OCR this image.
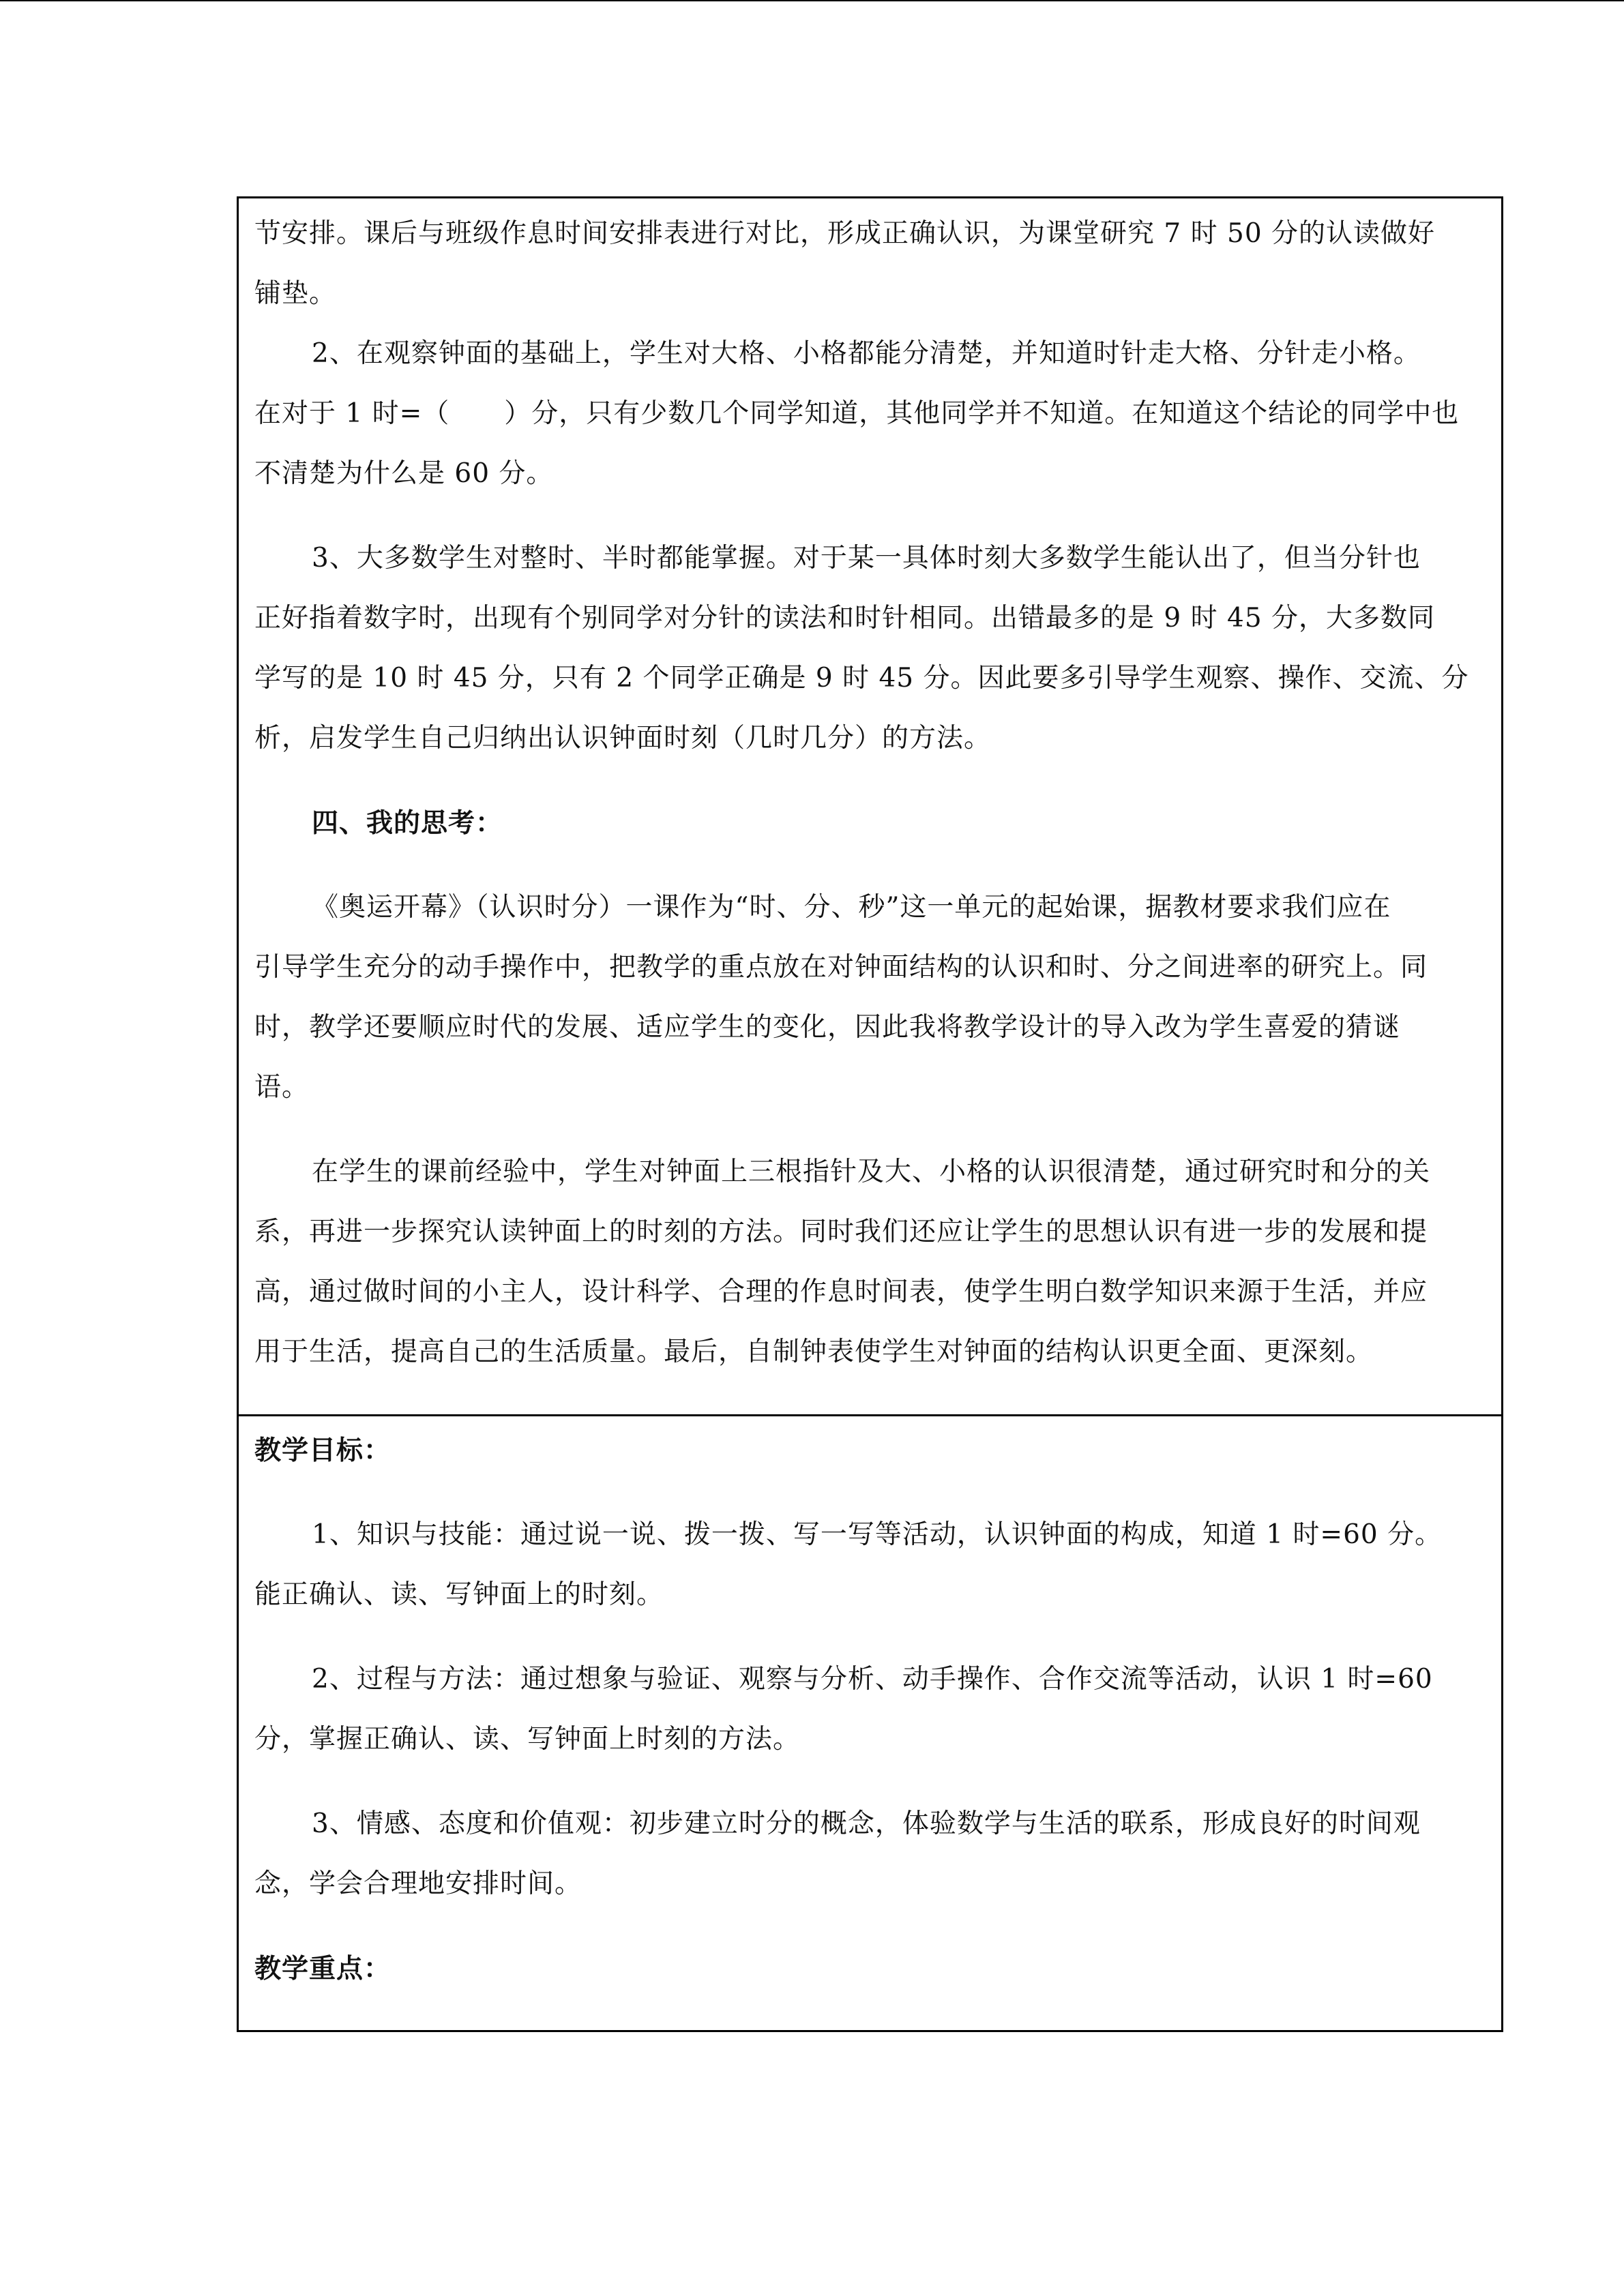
节安排。课后与班级作息时间安排表进行对比，形成正确认识，为课堂研究 7 时 50 分的认读做好

铺垫。

2、在观察钟面的基础上，学生对大格、小格都能分清楚，并知道时针走大格、分针走小格。

在对于 1 时=（　　）分，只有少数几个同学知道，其他同学并不知道。在知道这个结论的同学中也

不清楚为什么是 60 分。

3、大多数学生对整时、半时都能掌握。对于某一具体时刻大多数学生能认出了，但当分针也

正好指着数字时，出现有个别同学对分针的读法和时针相同。出错最多的是 9 时 45 分，大多数同

学写的是 10 时 45 分，只有 2 个同学正确是 9 时 45 分。因此要多引导学生观察、操作、交流、分

析，启发学生自己归纳出认识钟面时刻（几时几分）的方法。

四、我的思考：

《奥运开幕》（认识时分）一课作为“时、分、秒”这一单元的起始课，据教材要求我们应在

引导学生充分的动手操作中，把教学的重点放在对钟面结构的认识和时、分之间进率的研究上。同

时，教学还要顺应时代的发展、适应学生的变化，因此我将教学设计的导入改为学生喜爱的猜谜

语。

在学生的课前经验中，学生对钟面上三根指针及大、小格的认识很清楚，通过研究时和分的关

系，再进一步探究认读钟面上的时刻的方法。同时我们还应让学生的思想认识有进一步的发展和提

高，通过做时间的小主人，设计科学、合理的作息时间表，使学生明白数学知识来源于生活，并应

用于生活，提高自己的生活质量。最后，自制钟表使学生对钟面的结构认识更全面、更深刻。

教学目标：

1、知识与技能：通过说一说、拨一拨、写一写等活动，认识钟面的构成，知道 1 时=60 分。

能正确认、读、写钟面上的时刻。

2、过程与方法：通过想象与验证、观察与分析、动手操作、合作交流等活动，认识 1 时=60

分，掌握正确认、读、写钟面上时刻的方法。

3、情感、态度和价值观：初步建立时分的概念，体验数学与生活的联系，形成良好的时间观

念，学会合理地安排时间。

教学重点：
